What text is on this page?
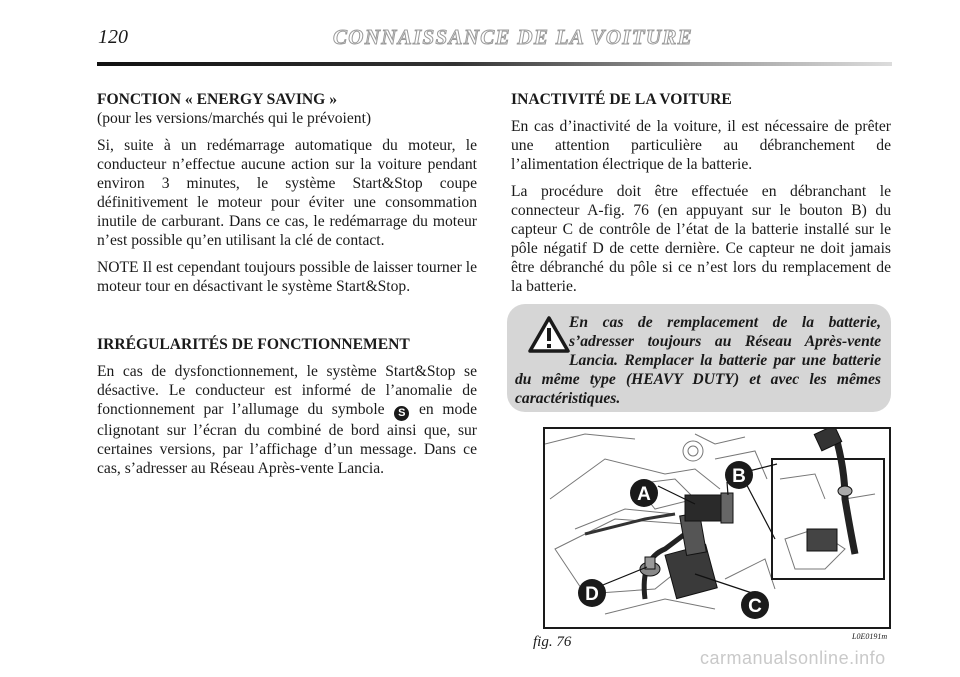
120	CONNAISSANCE DE LA VOITURE
FONCTION « ENERGY SAVING »
(pour les versions/marchés qui le prévoient)

Si, suite à un redémarrage automatique du moteur, le conducteur n’effectue aucune action sur la voiture pendant environ 3 minutes, le système Start&Stop coupe définitivement le moteur pour éviter une consommation inutile de carburant. Dans ce cas, le redémarrage du moteur n’est possible qu’en utilisant la clé de contact.

NOTE Il est cependant toujours possible de laisser tourner le moteur tour en désactivant le système Start&Stop.

IRRÉGULARITÉS DE FONCTIONNEMENT

En cas de dysfonctionnement, le système Start&Stop se désactive. Le conducteur est informé de l’anomalie de fonctionnement par l’allumage du symbole S en mode clignotant sur l’écran du combiné de bord ainsi que, sur certaines versions, par l’affichage d’un message. Dans ce cas, s’adresser au Réseau Après-vente Lancia.

INACTIVITÉ DE LA VOITURE

En cas d’inactivité de la voiture, il est nécessaire de prêter une attention particulière au débranchement de l’alimentation électrique de la batterie.

La procédure doit être effectuée en débranchant le connecteur A-fig. 76 (en appuyant sur le bouton B) du capteur C de contrôle de l’état de la batterie installé sur le pôle négatif D de cette dernière. Ce capteur ne doit jamais être débranché du pôle si ce n’est lors du remplacement de la batterie.

En cas de remplacement de la batterie, s’adresser toujours au Réseau Après-vente Lancia. Remplacer la batterie par une batterie du même type (HEAVY DUTY) et avec les mêmes caractéristiques.
A
B
C
D
fig. 76	L0E0191m
carmanualsonline.info
